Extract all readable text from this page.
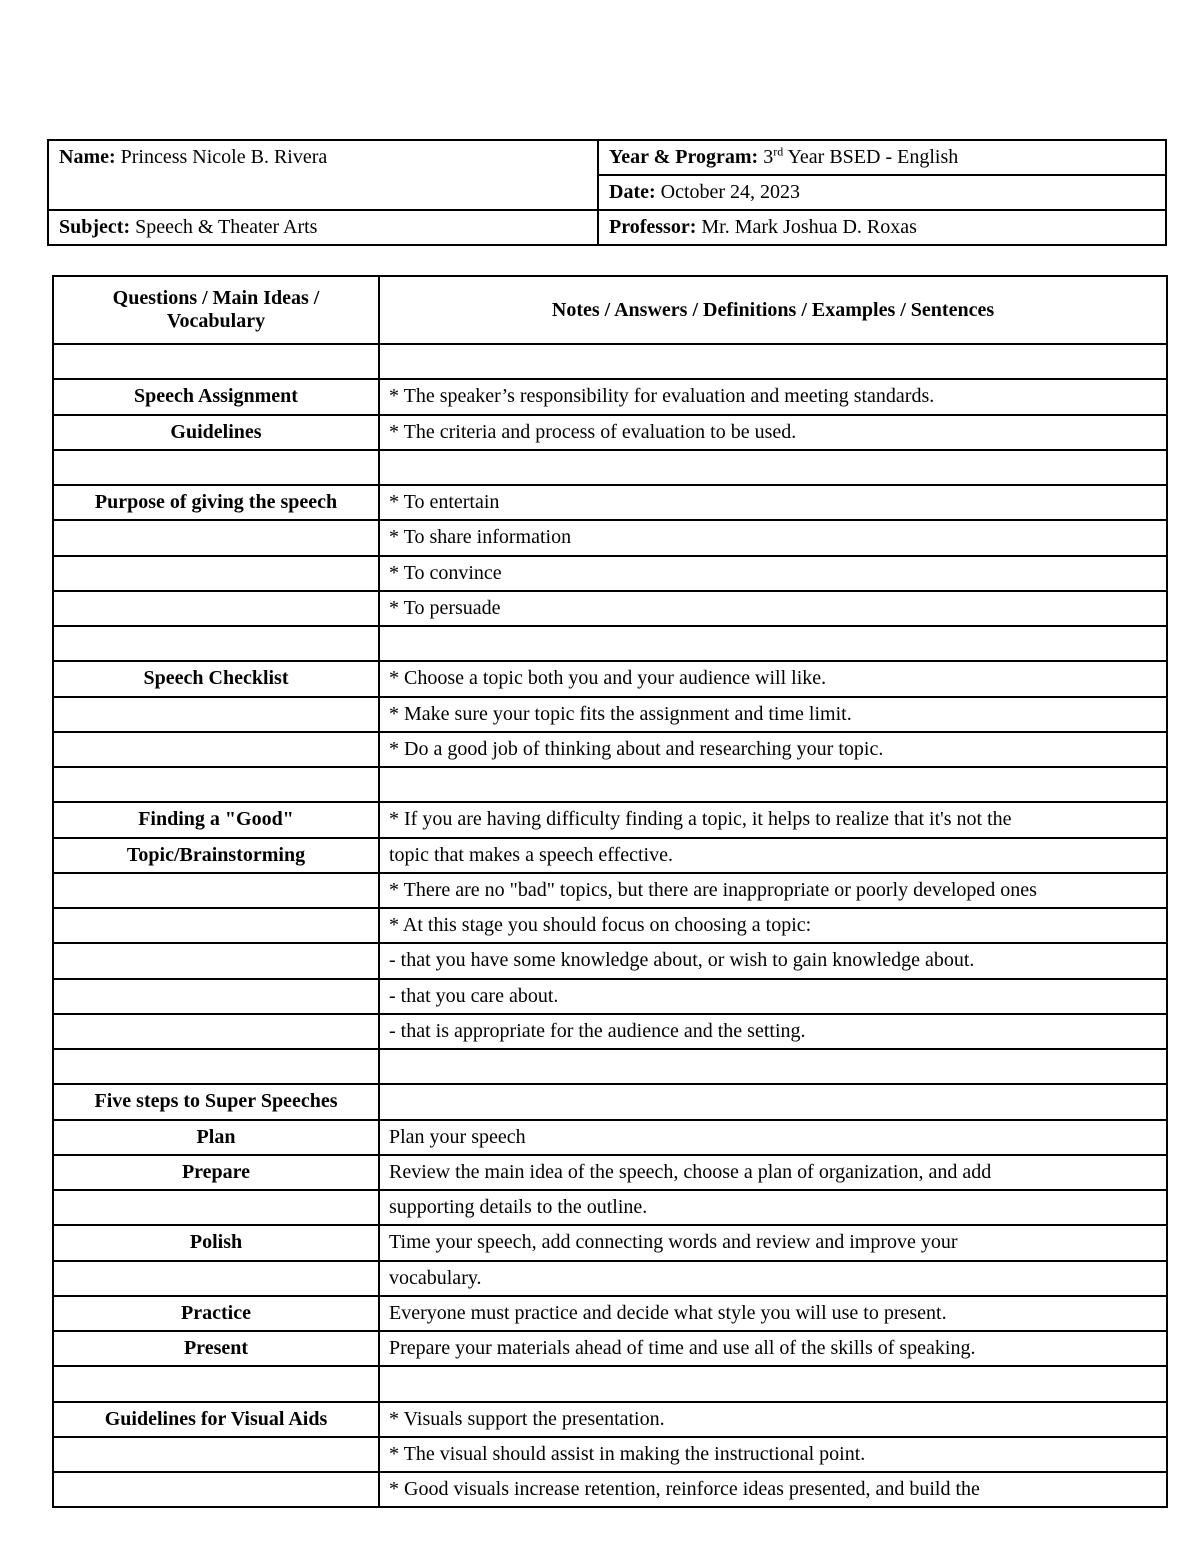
Name: Princess Nicole B. Rivera	Year & Program: 3rd Year BSED - English
	Date: October 24, 2023
Subject: Speech & Theater Arts	Professor: Mr. Mark Joshua D. Roxas
Questions / Main Ideas / Vocabulary	Notes / Answers / Definitions / Examples / Sentences

Speech Assignment	* The speaker’s responsibility for evaluation and meeting standards.
Guidelines	* The criteria and process of evaluation to be used.

Purpose of giving the speech	* To entertain
	* To share information
	* To convince
	* To persuade

Speech Checklist	* Choose a topic both you and your audience will like.
	* Make sure your topic fits the assignment and time limit.
	* Do a good job of thinking about and researching your topic.

Finding a "Good"	* If you are having difficulty finding a topic, it helps to realize that it's not the
Topic/Brainstorming	topic that makes a speech effective.
	* There are no "bad" topics, but there are inappropriate or poorly developed ones
	* At this stage you should focus on choosing a topic:
	- that you have some knowledge about, or wish to gain knowledge about.
	- that you care about.
	- that is appropriate for the audience and the setting.

Five steps to Super Speeches	
Plan	Plan your speech
Prepare	Review the main idea of the speech, choose a plan of organization, and add
	supporting details to the outline.
Polish	Time your speech, add connecting words and review and improve your
	vocabulary.
Practice	Everyone must practice and decide what style you will use to present.
Present	Prepare your materials ahead of time and use all of the skills of speaking.

Guidelines for Visual Aids	* Visuals support the presentation.
	* The visual should assist in making the instructional point.
	* Good visuals increase retention, reinforce ideas presented, and build the
